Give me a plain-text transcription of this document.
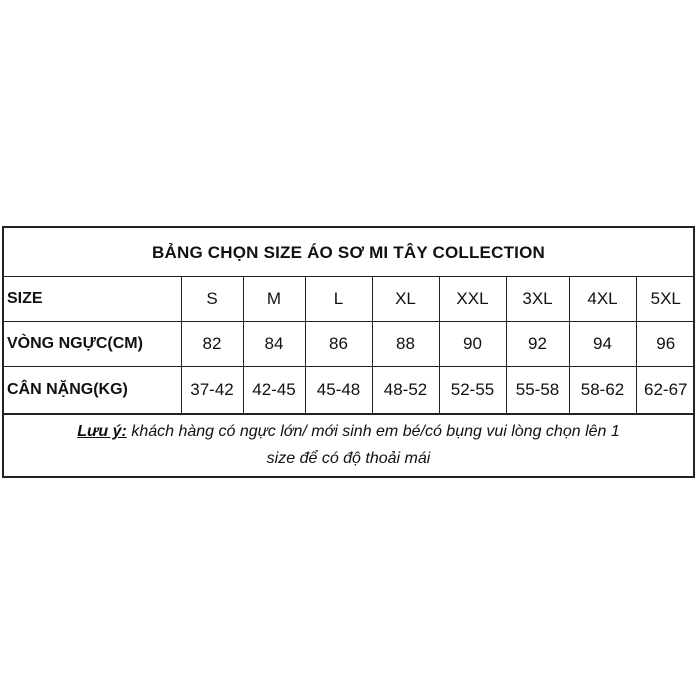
BẢNG CHỌN SIZE ÁO SƠ MI TÂY COLLECTION
SIZE	S	M	L	XL	XXL	3XL	4XL	5XL
VÒNG NGỰC(CM)	82	84	86	88	90	92	94	96
CÂN NẶNG(KG)	37-42	42-45	45-48	48-52	52-55	55-58	58-62	62-67
Lưu ý: khách hàng có ngực lớn/ mới sinh em bé/có bụng vui lòng chọn lên 1
size để có độ thoải mái
